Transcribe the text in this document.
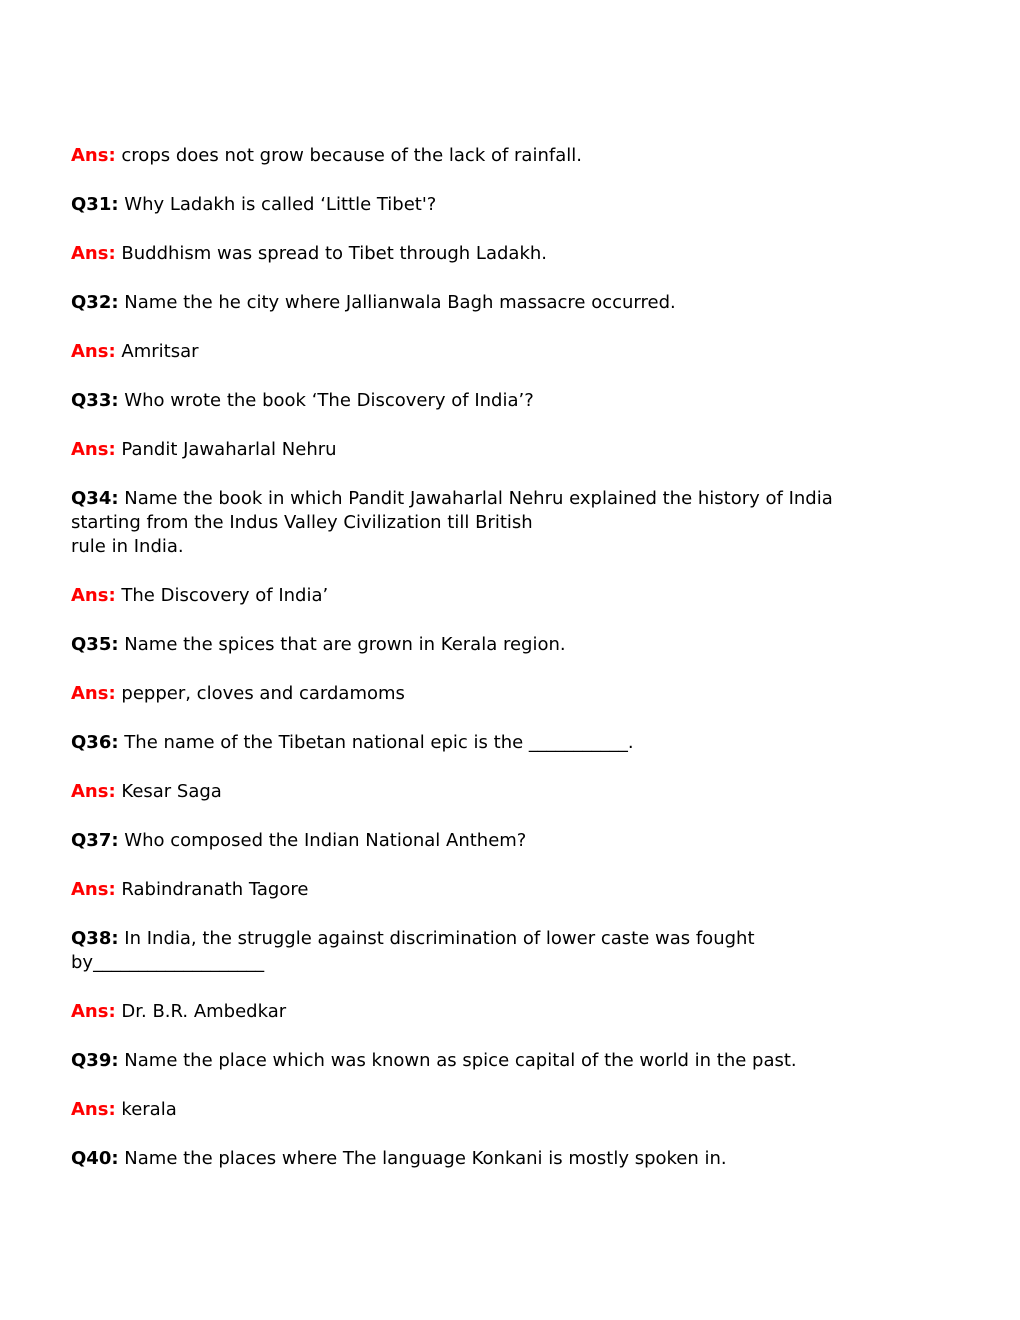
Ans: crops does not grow because of the lack of rainfall.
Q31: Why Ladakh is called ‘Little Tibet'?
Ans: Buddhism was spread to Tibet through Ladakh.
Q32: Name the he city where Jallianwala Bagh massacre occurred.
Ans: Amritsar
Q33: Who wrote the book ‘The Discovery of India’?
Ans: Pandit Jawaharlal Nehru
Q34: Name the book in which Pandit Jawaharlal Nehru explained the history of India
starting from the Indus Valley Civilization till British
rule in India.
Ans: The Discovery of India’
Q35: Name the spices that are grown in Kerala region.
Ans: pepper, cloves and cardamoms
Q36: The name of the Tibetan national epic is the ___________.
Ans: Kesar Saga
Q37: Who composed the Indian National Anthem?
Ans: Rabindranath Tagore
Q38: In India, the struggle against discrimination of lower caste was fought
by___________________
Ans: Dr. B.R. Ambedkar
Q39: Name the place which was known as spice capital of the world in the past.
Ans: kerala
Q40: Name the places where The language Konkani is mostly spoken in.
